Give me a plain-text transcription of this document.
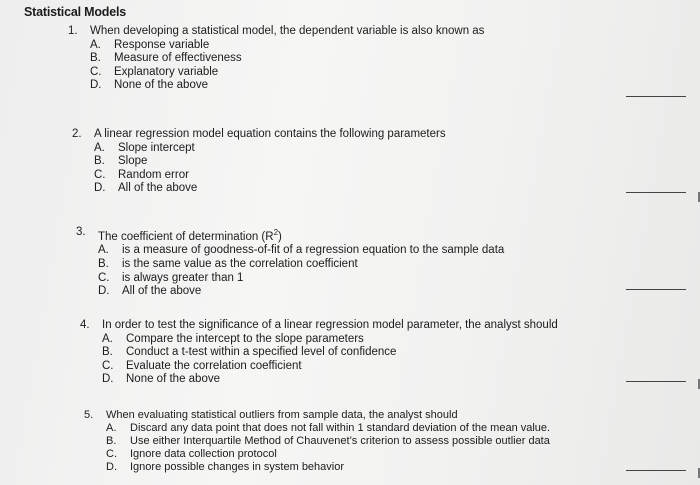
Statistical Models
1.	When developing a statistical model, the dependent variable is also known as
A.	Response variable
B.	Measure of effectiveness
C.	Explanatory variable
D.	None of the above
2.	A linear regression model equation contains the following parameters
A.	Slope intercept
B.	Slope
C.	Random error
D.	All of the above
3.	The coefficient of determination $(R^2)$
A.	is a measure of goodness-of-fit of a regression equation to the sample data
B.	is the same value as the correlation coefficient
C.	is always greater than 1
D.	All of the above
4.	In order to test the significance of a linear regression model parameter, the analyst should
A.	Compare the intercept to the slope parameters
B.	Conduct a t-test within a specified level of confidence
C.	Evaluate the correlation coefficient
D.	None of the above
5.	When evaluating statistical outliers from sample data, the analyst should
A.	Discard any data point that does not fall within 1 standard deviation of the mean value.
B.	Use either Interquartile Method of Chauvenet’s criterion to assess possible outlier data
C.	Ignore data collection protocol
D.	Ignore possible changes in system behavior
